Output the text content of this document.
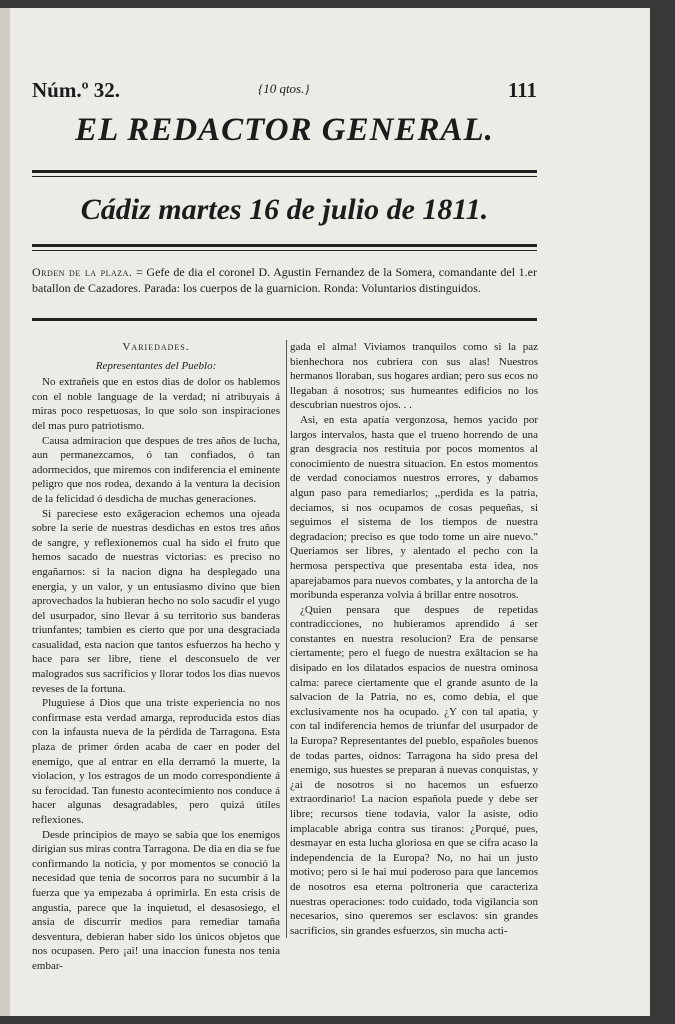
Núm.º 32.	{10 qtos.}	111
EL REDACTOR GENERAL.
Cádiz martes 16 de julio de 1811.
Orden de la plaza. = Gefe de dia el coronel D. Agustin Fernandez de la Somera, comandante del 1.er batallon de Cazadores. Parada: los cuerpos de la guarnicion. Ronda: Voluntarios distinguidos.
Variedades.
Representantes del Pueblo:

No extrañeis que en estos dias de dolor os hablemos con el noble language de la verdad; ni atribuyais á miras poco respetuosas, lo que solo son inspiraciones del mas puro patriotismo.

Causa admiracion que despues de tres años de lucha, aun permanezcamos, ó tan confiados, ó tan adormecidos, que miremos con indiferencia el eminente peligro que nos rodea, dexando á la ventura la decision de la felicidad ó desdicha de muchas generaciones.

Si pareciese esto exâgeracion echemos una ojeada sobre la serie de nuestras desdichas en estos tres años de sangre, y reflexionemos cual ha sido el fruto que hemos sacado de nuestras victorias: es preciso no engañarnos: si la nacion digna ha desplegado una energia, y un valor, y un entusiasmo divino que bien aprovechados la hubieran hecho no solo sacudir el yugo del usurpador, sino llevar á su territorio sus banderas triunfantes; tambien es cierto que por una desgraciada casualidad, esta nacion que tantos esfuerzos ha hecho y hace para ser libre, tiene el desconsuelo de ver malogrados sus sacrificios y llorar todos los dias nuevos reveses de la fortuna.

Pluguiese á Dios que una triste experiencia no nos confirmase esta verdad amarga, reproducida estos dias con la infausta nueva de la pérdida de Tarragona. Esta plaza de primer órden acaba de caer en poder del enemigo, que al entrar en ella derramó la muerte, la violacion, y los estragos de un modo correspondiente á su ferocidad. Tan funesto acontecimiento nos conduce á hacer algunas desagradables, pero quizá útiles reflexiones.

Desde principios de mayo se sabia que los enemigos dirigian sus miras contra Tarragona. De dia en dia se fue confirmando la noticia, y por momentos se conoció la necesidad que tenia de socorros para no sucumbir á la fuerza que ya empezaba á oprimirla. En esta crisis de angustia, parece que la inquietud, el desasosiego, el ansia de discurrir medios para remediar tamaña desventura, debieran haber sido los únicos objetos que nos ocupasen. Pero ¡ai! una inaccion funesta nos tenia embar-

gada el alma! Viviamos tranquilos como si la paz bienhechora nos cubriera con sus alas! Nuestros hermanos lloraban, sus hogares ardian; pero sus ecos no llegaban á nosotros; sus humeantes edificios no los descubrian nuestros ojos. . .

Asi, en esta apatía vergonzosa, hemos yacido por largos intervalos, hasta que el trueno horrendo de una gran desgracia nos restituia por pocos momentos al conocimiento de nuestra situacion. En estos momentos de verdad conociamos nuestros errores, y dabamos algun paso para remediarlos; ,,perdida es la patria, deciamos, si nos ocupamos de cosas pequeñas, si seguimos el sistema de los tiempos de nuestra degradacion; preciso es que todo tome un aire nuevo." Queriamos ser libres, y alentado el pecho con la hermosa perspectiva que presentaba esta idea, nos aparejabamos para nuevos combates, y la antorcha de la moribunda esperanza volvia á brillar entre nosotros.

¿Quien pensara que despues de repetidas contradicciones, no hubieramos aprendido á ser constantes en nuestra resolucion? Era de pensarse ciertamente; pero el fuego de nuestra exâltacion se ha disipado en los dilatados espacios de nuestra ominosa calma: parece ciertamente que el grande asunto de la salvacion de la Patria, no es, como debia, el que exclusivamente nos ha ocupado. ¿Y con tal apatia, y con tal indiferencia hemos de triunfar del usurpador de la Europa? Representantes del pueblo, españoles buenos de todas partes, oidnos: Tarragona ha sido presa del enemigo, sus huestes se preparan á nuevas conquistas, y ¿ai de nosotros si no hacemos un esfuerzo extraordinario! La nacion española puede y debe ser libre; recursos tiene todavia, valor la asiste, odio implacable abriga contra sus tiranos: ¿Porqué, pues, desmayar en esta lucha gloriosa en que se cifra acaso la independencia de la Europa? No, no hai un justo motivo; pero si le hai mui poderoso para que lancemos de nosotros esa eterna poltroneria que caracteriza nuestras operaciones: todo cuidado, toda vigilancia son necesarios, sino queremos ser esclavos: sin grandes sacrificios, sin grandes esfuerzos, sin mucha acti-
